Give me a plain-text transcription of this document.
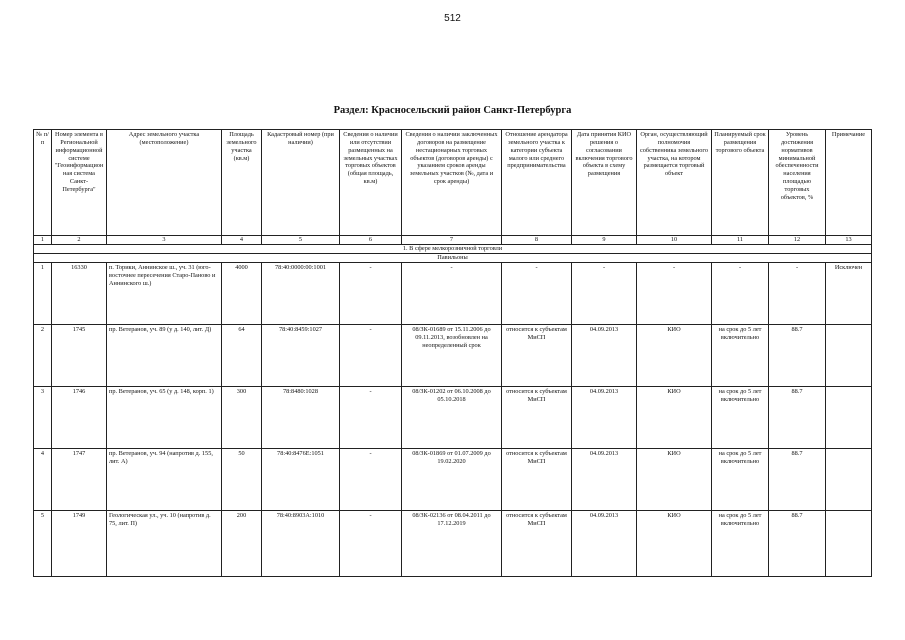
512
Раздел: Красносельский район Санкт-Петербурга
№ п/п	Номер элемента в Региональной информационной системе "Геоинформационная система Санкт-Петербурга"	Адрес земельного участка (местоположение)	Площадь земельного участка (кв.м)	Кадастровый номер (при наличии)	Сведения о наличии или отсутствии размещенных на земельных участках торговых объектов (общая площадь, кв.м)	Сведения о наличии заключенных договоров на размещение нестационарных торговых объектов (договоров аренды) с указанием сроков аренды земельных участков (№, дата и срок аренды)	Отношение арендатора земельного участка к категории субъекта малого или среднего предпринимательства	Дата принятия КИО решения о согласовании включения торгового объекта в схему размещения	Орган, осуществляющий полномочия собственника земельного участка, на котором размещается торговый объект	Планируемый срок размещения торгового объекта	Уровень достижения нормативов минимальной обеспеченности населения площадью торговых объектов, %	Примечание
1	2	3	4	5	6	7	8	9	10	11	12	13
1. В сфере мелкорозничной торговли												
Павильоны												
1	16330	п. Торики, Аннинское ш., уч. 31 (юго-восточнее пересечения Старо-Паново и Аннинского ш.)	4000	78:40:0000:00:1001	-	-	-	-	-	-	-	Исключен
2	1745	пр. Ветеранов, уч. 89 (у д. 140, лит. Д)	64	78:40:8459:1027	-	08/ЗК-01689 от 15.11.2006 до 09.11.2013, возобновлен на неопределенный срок	относится к субъектам МиСП	04.09.2013	КИО	на срок до 5 лет включительно	88.7	
3	1746	пр. Ветеранов, уч. 65 (у д. 148, корп. 1)	300	78:8480:1028	-	08/ЗК-01202 от 06.10.2008 до 05.10.2018	относится к субъектам МиСП	04.09.2013	КИО	на срок до 5 лет включительно	88.7	
4	1747	пр. Ветеранов, уч. 94 (напротив д. 155, лит. А)	50	78:40:8476Е:1051	-	08/ЗК-01869 от 01.07.2009 до 19.02.2020	относится к субъектам МиСП	04.09.2013	КИО	на срок до 5 лет включительно	88.7	
5	1749	Геологическая ул., уч. 10 (напротив д. 75, лит. П)	200	78:40:8903А:1010	-	08/ЗК-02136 от 08.04.2011 до 17.12.2019	относится к субъектам МиСП	04.09.2013	КИО	на срок до 5 лет включительно	88.7	
